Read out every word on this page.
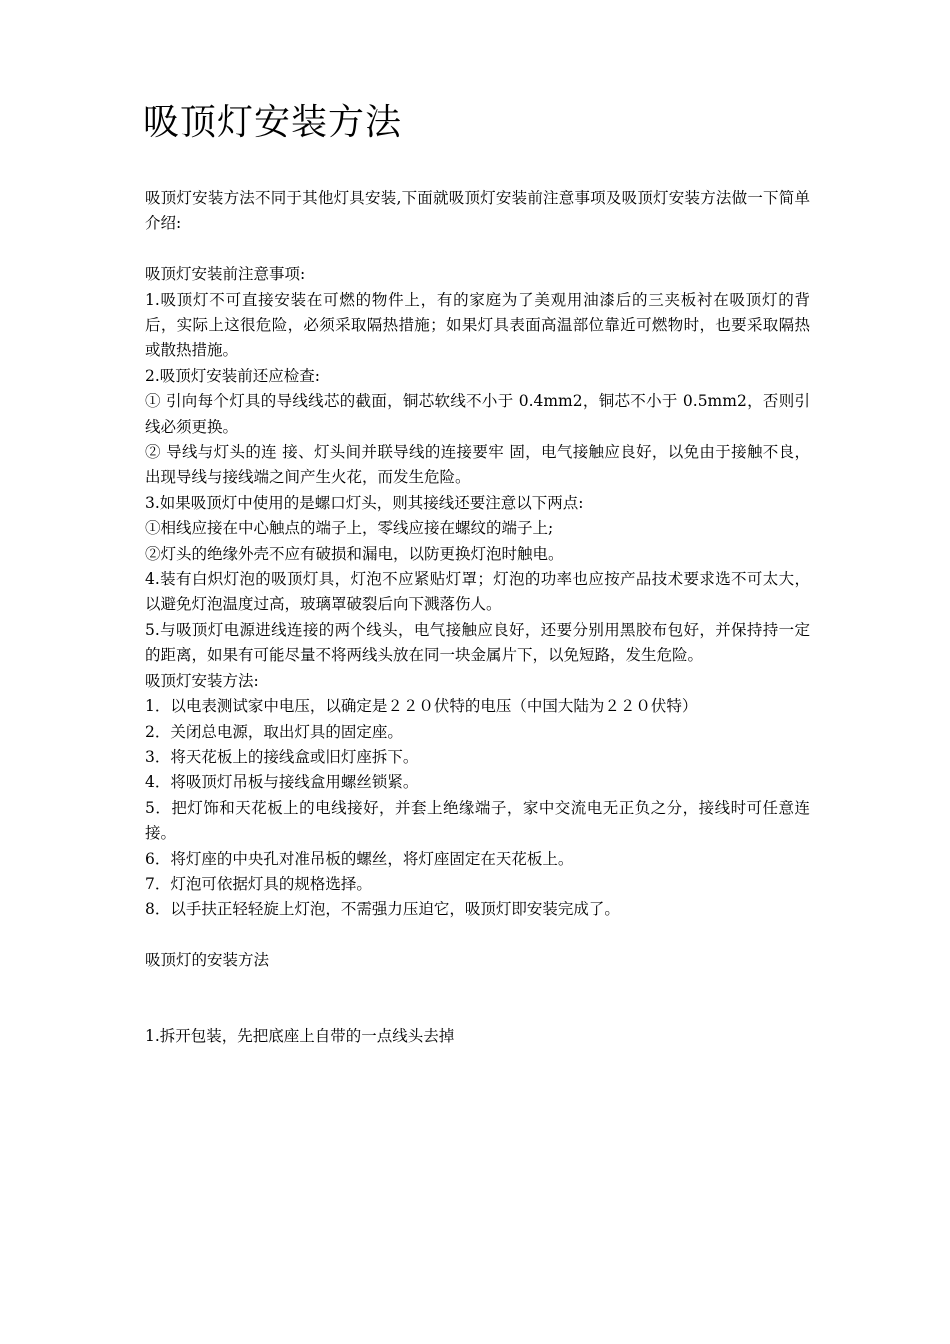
吸顶灯安装方法

吸顶灯安装方法不同于其他灯具安装,下面就吸顶灯安装前注意事项及吸顶灯安装方法做一下简单介绍:

吸顶灯安装前注意事项:

1.吸顶灯不可直接安装在可燃的物件上，有的家庭为了美观用油漆后的三夹板衬在吸顶灯的背后，实际上这很危险，必须采取隔热措施；如果灯具表面高温部位靠近可燃物时，也要采取隔热或散热措施。

2.吸顶灯安装前还应检查:

① 引向每个灯具的导线线芯的截面，铜芯软线不小于 0.4mm2，铜芯不小于 0.5mm2，否则引线必须更换。

② 导线与灯头的连 接、灯头间并联导线的连接要牢 固，电气接触应良好，以免由于接触不良，出现导线与接线端之间产生火花，而发生危险。

3.如果吸顶灯中使用的是螺口灯头，则其接线还要注意以下两点:

①相线应接在中心触点的端子上，零线应接在螺纹的端子上;

②灯头的绝缘外壳不应有破损和漏电，以防更换灯泡时触电。

4.装有白炽灯泡的吸顶灯具，灯泡不应紧贴灯罩；灯泡的功率也应按产品技术要求选不可太大，以避免灯泡温度过高，玻璃罩破裂后向下溅落伤人。

5.与吸顶灯电源进线连接的两个线头，电气接触应良好，还要分别用黑胶布包好，并保持持一定的距离，如果有可能尽量不将两线头放在同一块金属片下，以免短路，发生危险。

吸顶灯安装方法:

1．以电表测试家中电压，以确定是２２０伏特的电压（中国大陆为２２０伏特）

2．关闭总电源，取出灯具的固定座。

3．将天花板上的接线盒或旧灯座拆下。

4．将吸顶灯吊板与接线盒用螺丝锁紧。

5．把灯饰和天花板上的电线接好，并套上绝缘端子，家中交流电无正负之分，接线时可任意连接。

6．将灯座的中央孔对准吊板的螺丝，将灯座固定在天花板上。

7．灯泡可依据灯具的规格选择。

8．以手扶正轻轻旋上灯泡，不需强力压迫它，吸顶灯即安装完成了。

吸顶灯的安装方法

1.拆开包装，先把底座上自带的一点线头去掉
